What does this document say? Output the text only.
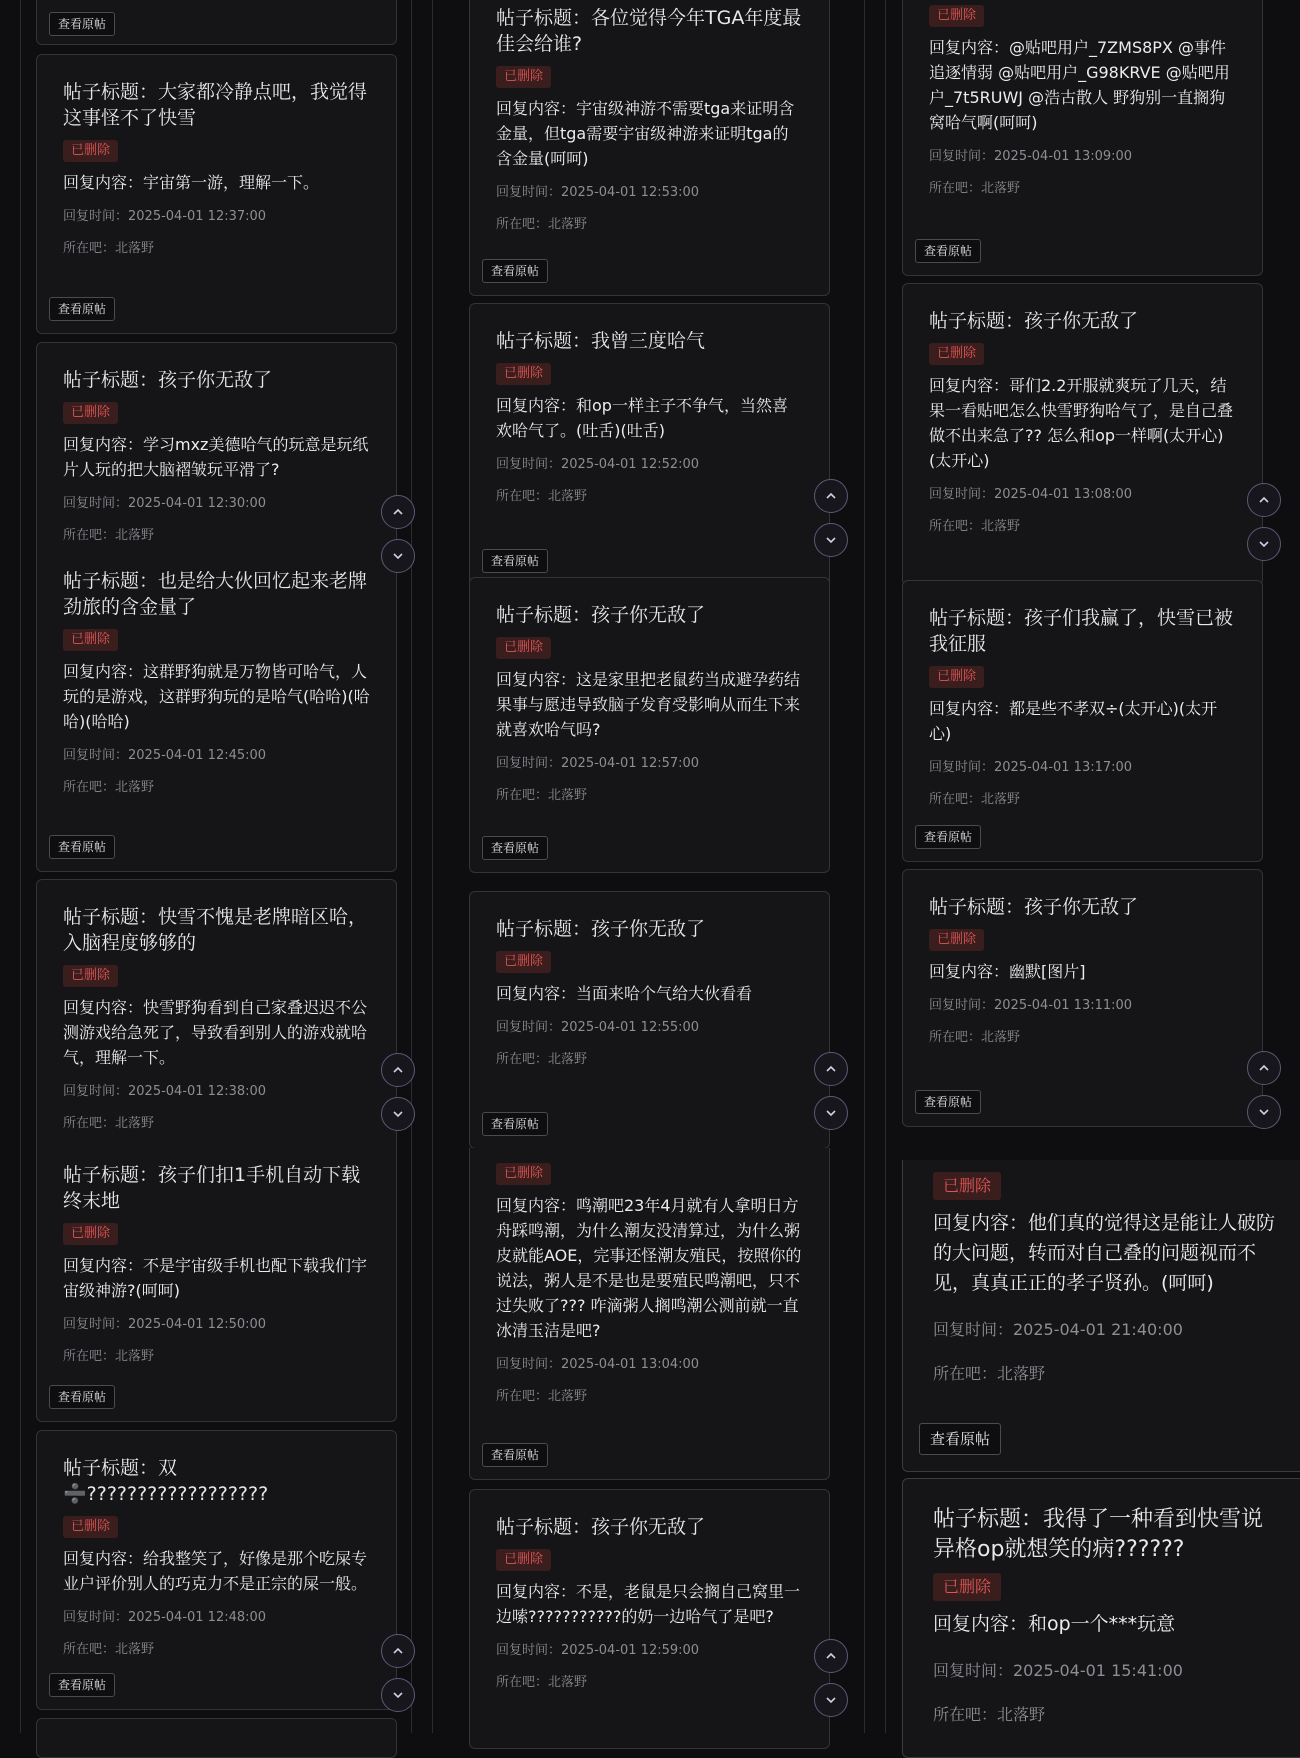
查看原帖
帖子标题：大家都冷静点吧，我觉得这事怪不了快雪
已删除
回复内容：宇宙第一游，理解一下。
回复时间：2025-04-01 12:37:00
所在吧：北落野
查看原帖
帖子标题：孩子你无敌了
已删除
回复内容：学习mxz美德哈气的玩意是玩纸片人玩的把大脑褶皱玩平滑了?
回复时间：2025-04-01 12:30:00
所在吧：北落野
帖子标题：也是给大伙回忆起来老牌劲旅的含金量了
已删除
回复内容：这群野狗就是万物皆可哈气，人玩的是游戏，这群野狗玩的是哈气(哈哈)(哈哈)(哈哈)
回复时间：2025-04-01 12:45:00
所在吧：北落野
查看原帖
帖子标题：快雪不愧是老牌暗区哈，入脑程度够够的
已删除
回复内容：快雪野狗看到自己家叠迟迟不公测游戏给急死了，导致看到别人的游戏就哈气，理解一下。
回复时间：2025-04-01 12:38:00
所在吧：北落野
帖子标题：孩子们扣1手机自动下载终末地
已删除
回复内容：不是宇宙级手机也配下载我们宇宙级神游?(呵呵)
回复时间：2025-04-01 12:50:00
所在吧：北落野
查看原帖
帖子标题：双➗??????????????????
已删除
回复内容：给我整笑了，好像是那个吃屎专业户评价别人的巧克力不是正宗的屎一般。
回复时间：2025-04-01 12:48:00
所在吧：北落野
查看原帖
帖子标题：各位觉得今年TGA年度最佳会给谁?
已删除
回复内容：宇宙级神游不需要tga来证明含金量，但tga需要宇宙级神游来证明tga的含金量(呵呵)
回复时间：2025-04-01 12:53:00
所在吧：北落野
查看原帖
帖子标题：我曾三度哈气
已删除
回复内容：和op一样主子不争气，当然喜欢哈气了。(吐舌)(吐舌)
回复时间：2025-04-01 12:52:00
所在吧：北落野
查看原帖
帖子标题：孩子你无敌了
已删除
回复内容：这是家里把老鼠药当成避孕药结果事与愿违导致脑子发育受影响从而生下来就喜欢哈气吗?
回复时间：2025-04-01 12:57:00
所在吧：北落野
查看原帖
帖子标题：孩子你无敌了
已删除
回复内容：当面来哈个气给大伙看看
回复时间：2025-04-01 12:55:00
所在吧：北落野
查看原帖
已删除
回复内容：鸣潮吧23年4月就有人拿明日方舟踩鸣潮，为什么潮友没清算过，为什么粥皮就能AOE，完事还怪潮友殖民，按照你的说法，粥人是不是也是要殖民鸣潮吧，只不过失败了??? 咋滴粥人搁鸣潮公测前就一直冰清玉洁是吧?
回复时间：2025-04-01 13:04:00
所在吧：北落野
查看原帖
帖子标题：孩子你无敌了
已删除
回复内容：不是，老鼠是只会搁自己窝里一边嗦???????????的奶一边哈气了是吧?
回复时间：2025-04-01 12:59:00
所在吧：北落野
已删除
回复内容：@贴吧用户_7ZMS8PX @事件追逐情弱 @贴吧用户_G98KRVE @贴吧用户_7t5RUWJ @浩古散人 野狗别一直搁狗窝哈气啊(呵呵)
回复时间：2025-04-01 13:09:00
所在吧：北落野
查看原帖
帖子标题：孩子你无敌了
已删除
回复内容：哥们2.2开服就爽玩了几天，结果一看贴吧怎么快雪野狗哈气了，是自己叠做不出来急了?? 怎么和op一样啊(太开心)(太开心)
回复时间：2025-04-01 13:08:00
所在吧：北落野
帖子标题：孩子们我赢了，快雪已被我征服
已删除
回复内容：都是些不孝双÷(太开心)(太开心)
回复时间：2025-04-01 13:17:00
所在吧：北落野
查看原帖
帖子标题：孩子你无敌了
已删除
回复内容：幽默[图片]
回复时间：2025-04-01 13:11:00
所在吧：北落野
查看原帖
已删除
回复内容：他们真的觉得这是能让人破防的大问题，转而对自己叠的问题视而不见，真真正正的孝子贤孙。(呵呵)
回复时间：2025-04-01 21:40:00
所在吧：北落野
查看原帖
帖子标题：我得了一种看到快雪说异格op就想笑的病??????
已删除
回复内容：和op一个***玩意
回复时间：2025-04-01 15:41:00
所在吧：北落野
